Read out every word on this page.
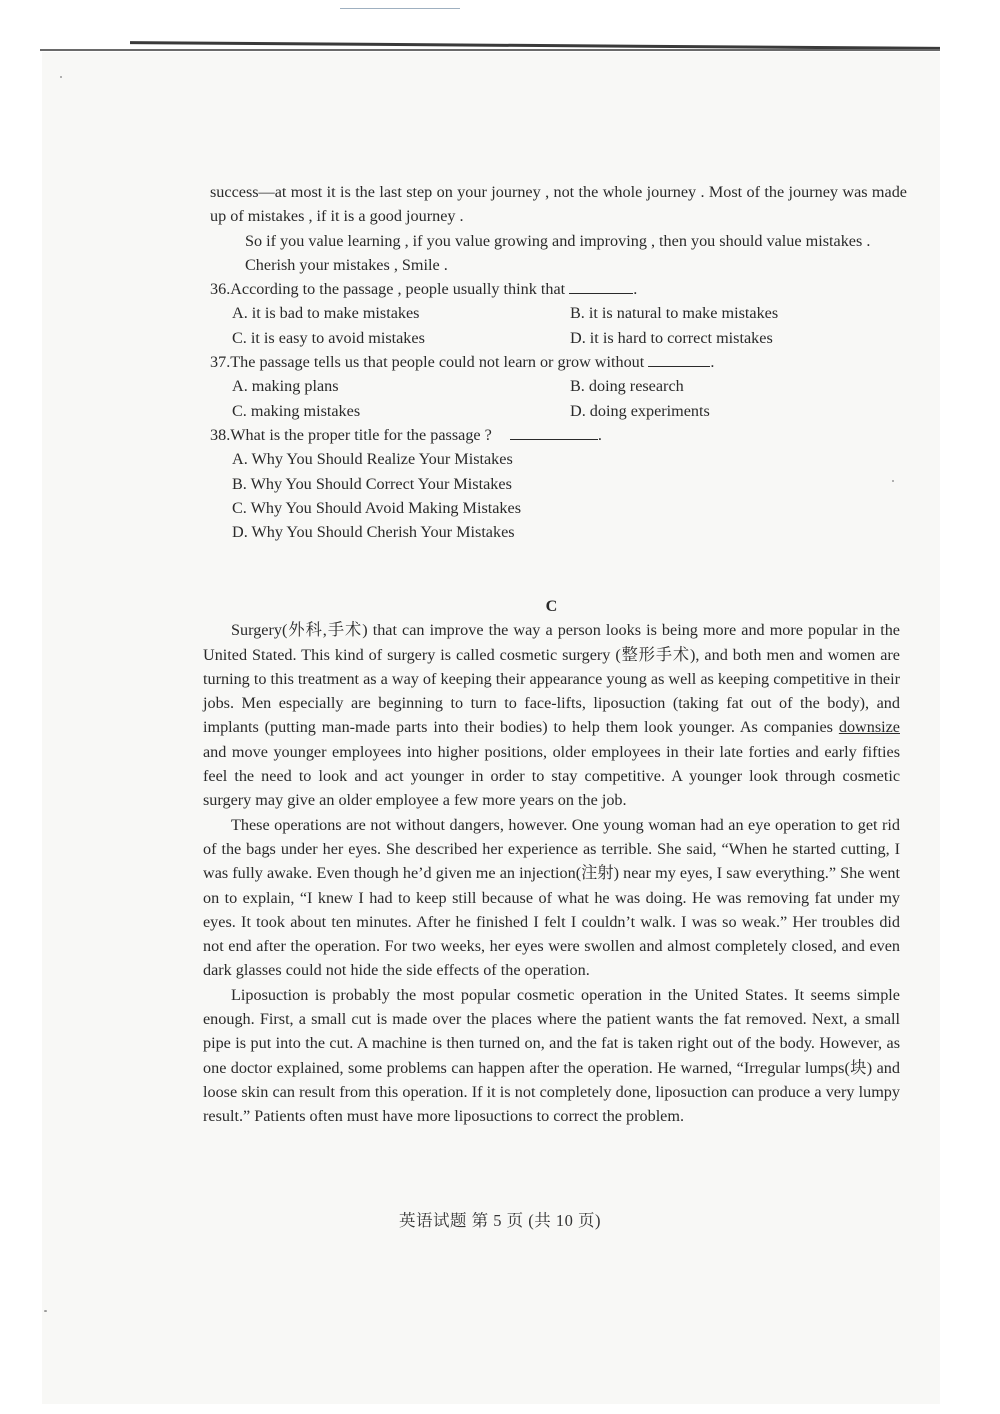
success—at most it is the last step on your journey , not the whole journey . Most of the journey was made up of mistakes , if it is a good journey .

So if you value learning , if you value growing and improving , then you should value mistakes .

Cherish your mistakes , Smile .

36.According to the passage , people usually think that	.

A. it is bad to make mistakes	B. it is natural to make mistakes

C. it is easy to avoid mistakes	D. it is hard to correct mistakes

37.The passage tells us that people could not learn or grow without	.

A. making plans	B. doing research

C. making mistakes	D. doing experiments

38.What is the proper title for the passage ?	.

A. Why You Should Realize Your Mistakes

B. Why You Should Correct Your Mistakes

C. Why You Should Avoid Making Mistakes

D. Why You Should Cherish Your Mistakes

C

Surgery(外科,手术) that can improve the way a person looks is being more and more popular in the United Stated. This kind of surgery is called cosmetic surgery (整形手术), and both men and women are turning to this treatment as a way of keeping their appearance young as well as keeping competitive in their jobs. Men especially are beginning to turn to face-lifts, liposuction (taking fat out of the body), and implants (putting man-made parts into their bodies) to help them look younger. As companies downsize and move younger employees into higher positions, older employees in their late forties and early fifties feel the need to look and act younger in order to stay competitive. A younger look through cosmetic surgery may give an older employee a few more years on the job.

These operations are not without dangers, however. One young woman had an eye operation to get rid of the bags under her eyes. She described her experience as terrible. She said, “When he started cutting, I was fully awake. Even though he’d given me an injection(注射) near my eyes, I saw everything.” She went on to explain, “I knew I had to keep still because of what he was doing. He was removing fat under my eyes. It took about ten minutes. After he finished I felt I couldn’t walk. I was so weak.” Her troubles did not end after the operation. For two weeks, her eyes were swollen and almost completely closed, and even dark glasses could not hide the side effects of the operation.

Liposuction is probably the most popular cosmetic operation in the United States. It seems simple enough. First, a small cut is made over the places where the patient wants the fat removed. Next, a small pipe is put into the cut. A machine is then turned on, and the fat is taken right out of the body. However, as one doctor explained, some problems can happen after the operation. He warned, “Irregular lumps(块) and loose skin can result from this operation. If it is not completely done, liposuction can produce a very lumpy result.” Patients often must have more liposuctions to correct the problem.

英语试题 第 5 页 (共 10 页)
